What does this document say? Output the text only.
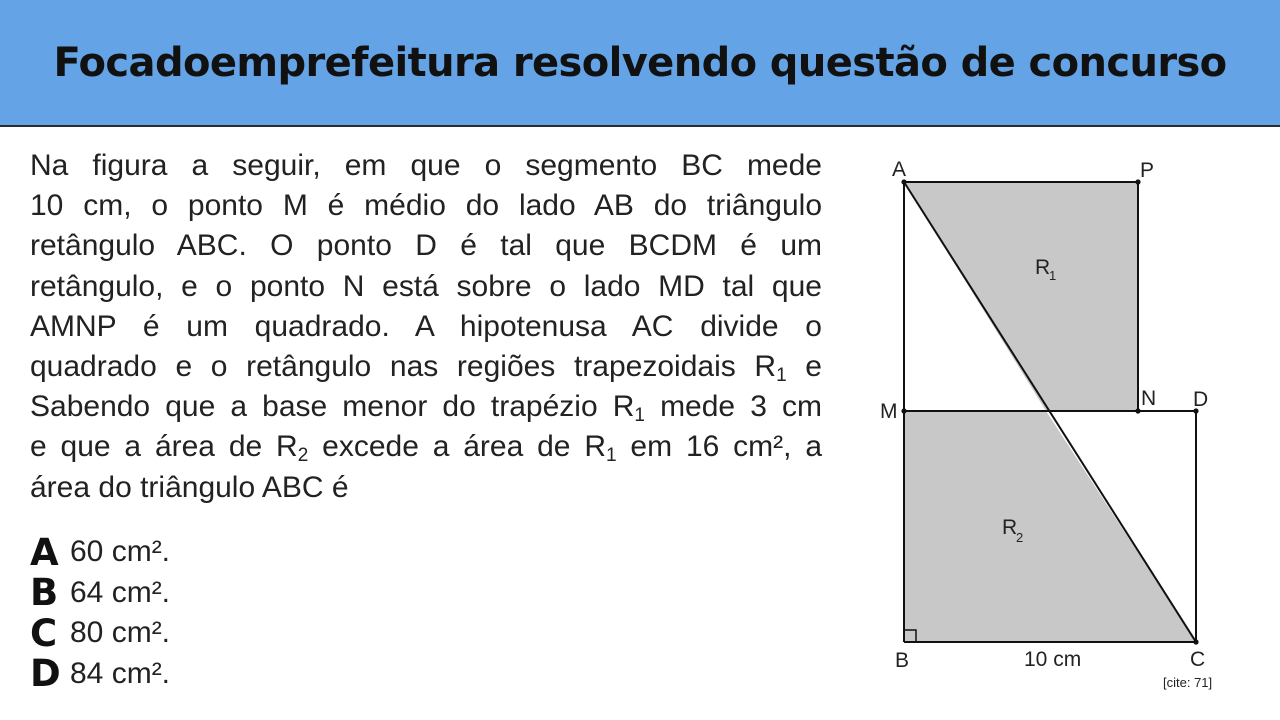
Focadoemprefeitura resolvendo questão de concurso
Na figura a seguir, em que o segmento BC mede
10 cm, o ponto M é médio do lado AB do triângulo
retângulo ABC. O ponto D é tal que BCDM é um
retângulo, e o ponto N está sobre o lado MD tal que
AMNP é um quadrado. A hipotenusa AC divide o
quadrado e o retângulo nas regiões trapezoidais $R_1$ e
Sabendo que a base menor do trapézio $R_1$ mede 3 cm
e que a área de $R_2$ excede a área de $R_1$ em 16 cm², a
área do triângulo ABC é
A 60 cm².
B 64 cm².
C 80 cm².
D 84 cm².
A	P
M
N D
B	C
10 cm
R
1
R
2
[cite: 71]
